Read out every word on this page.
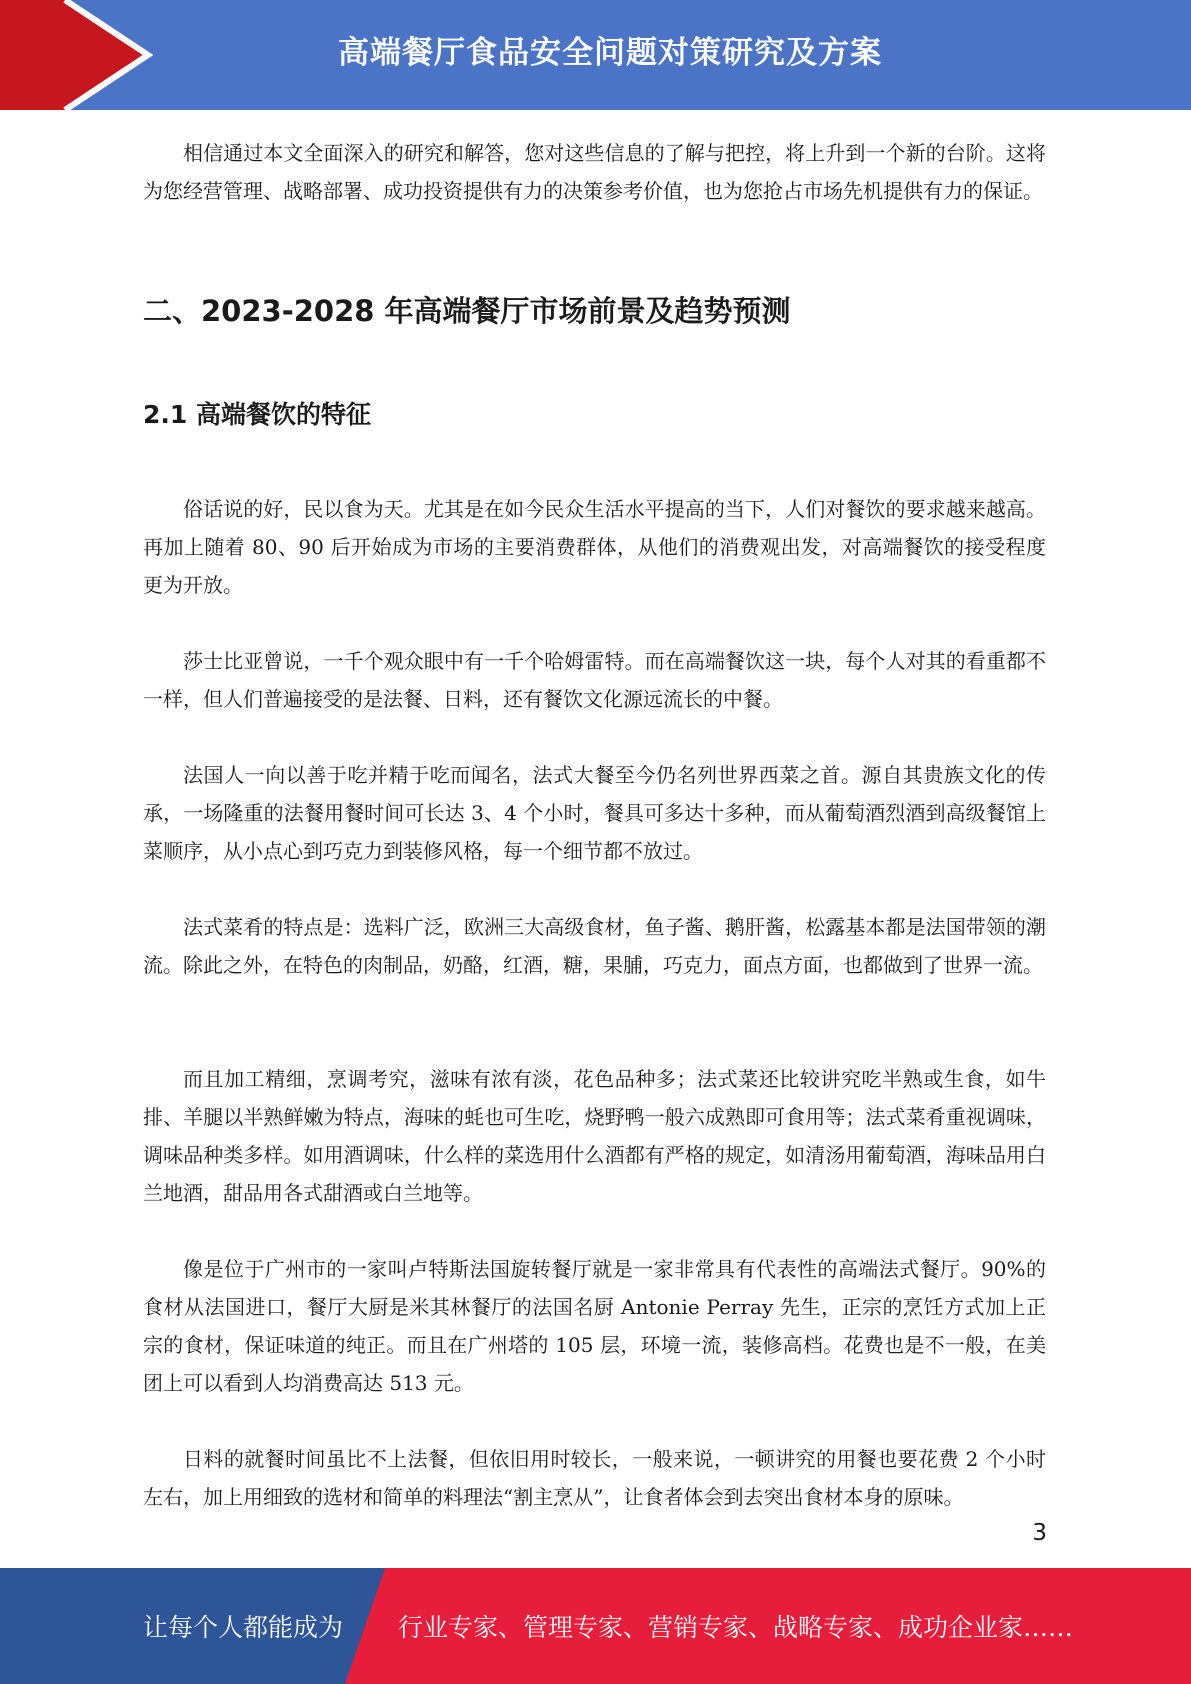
高端餐厅食品安全问题对策研究及方案

相信通过本文全面深入的研究和解答，您对这些信息的了解与把控，将上升到一个新的台阶。这将为您经营管理、战略部署、成功投资提供有力的决策参考价值，也为您抢占市场先机提供有力的保证。

二、2023-2028 年高端餐厅市场前景及趋势预测
2.1 高端餐饮的特征

俗话说的好，民以食为天。尤其是在如今民众生活水平提高的当下，人们对餐饮的要求越来越高。再加上随着 80、90 后开始成为市场的主要消费群体，从他们的消费观出发，对高端餐饮的接受程度更为开放。

莎士比亚曾说，一千个观众眼中有一千个哈姆雷特。而在高端餐饮这一块，每个人对其的看重都不一样，但人们普遍接受的是法餐、日料，还有餐饮文化源远流长的中餐。

法国人一向以善于吃并精于吃而闻名，法式大餐至今仍名列世界西菜之首。源自其贵族文化的传承，一场隆重的法餐用餐时间可长达 3、4 个小时，餐具可多达十多种，而从葡萄酒烈酒到高级餐馆上菜顺序，从小点心到巧克力到装修风格，每一个细节都不放过。

法式菜肴的特点是：选料广泛，欧洲三大高级食材，鱼子酱、鹅肝酱，松露基本都是法国带领的潮流。除此之外，在特色的肉制品，奶酪，红酒，糖，果脯，巧克力，面点方面，也都做到了世界一流。

而且加工精细，烹调考究，滋味有浓有淡，花色品种多；法式菜还比较讲究吃半熟或生食，如牛排、羊腿以半熟鲜嫩为特点，海味的蚝也可生吃，烧野鸭一般六成熟即可食用等；法式菜肴重视调味，调味品种类多样。如用酒调味，什么样的菜选用什么酒都有严格的规定，如清汤用葡萄酒，海味品用白兰地酒，甜品用各式甜酒或白兰地等。

像是位于广州市的一家叫卢特斯法国旋转餐厅就是一家非常具有代表性的高端法式餐厅。90%的食材从法国进口，餐厅大厨是米其林餐厅的法国名厨 Antonie Perray 先生，正宗的烹饪方式加上正宗的食材，保证味道的纯正。而且在广州塔的 105 层，环境一流，装修高档。花费也是不一般，在美团上可以看到人均消费高达 513 元。

日料的就餐时间虽比不上法餐，但依旧用时较长，一般来说，一顿讲究的用餐也要花费 2 个小时左右，加上用细致的选材和简单的料理法“割主烹从”，让食者体会到去突出食材本身的原味。

3
让每个人都能成为 行业专家、管理专家、营销专家、战略专家、成功企业家……
